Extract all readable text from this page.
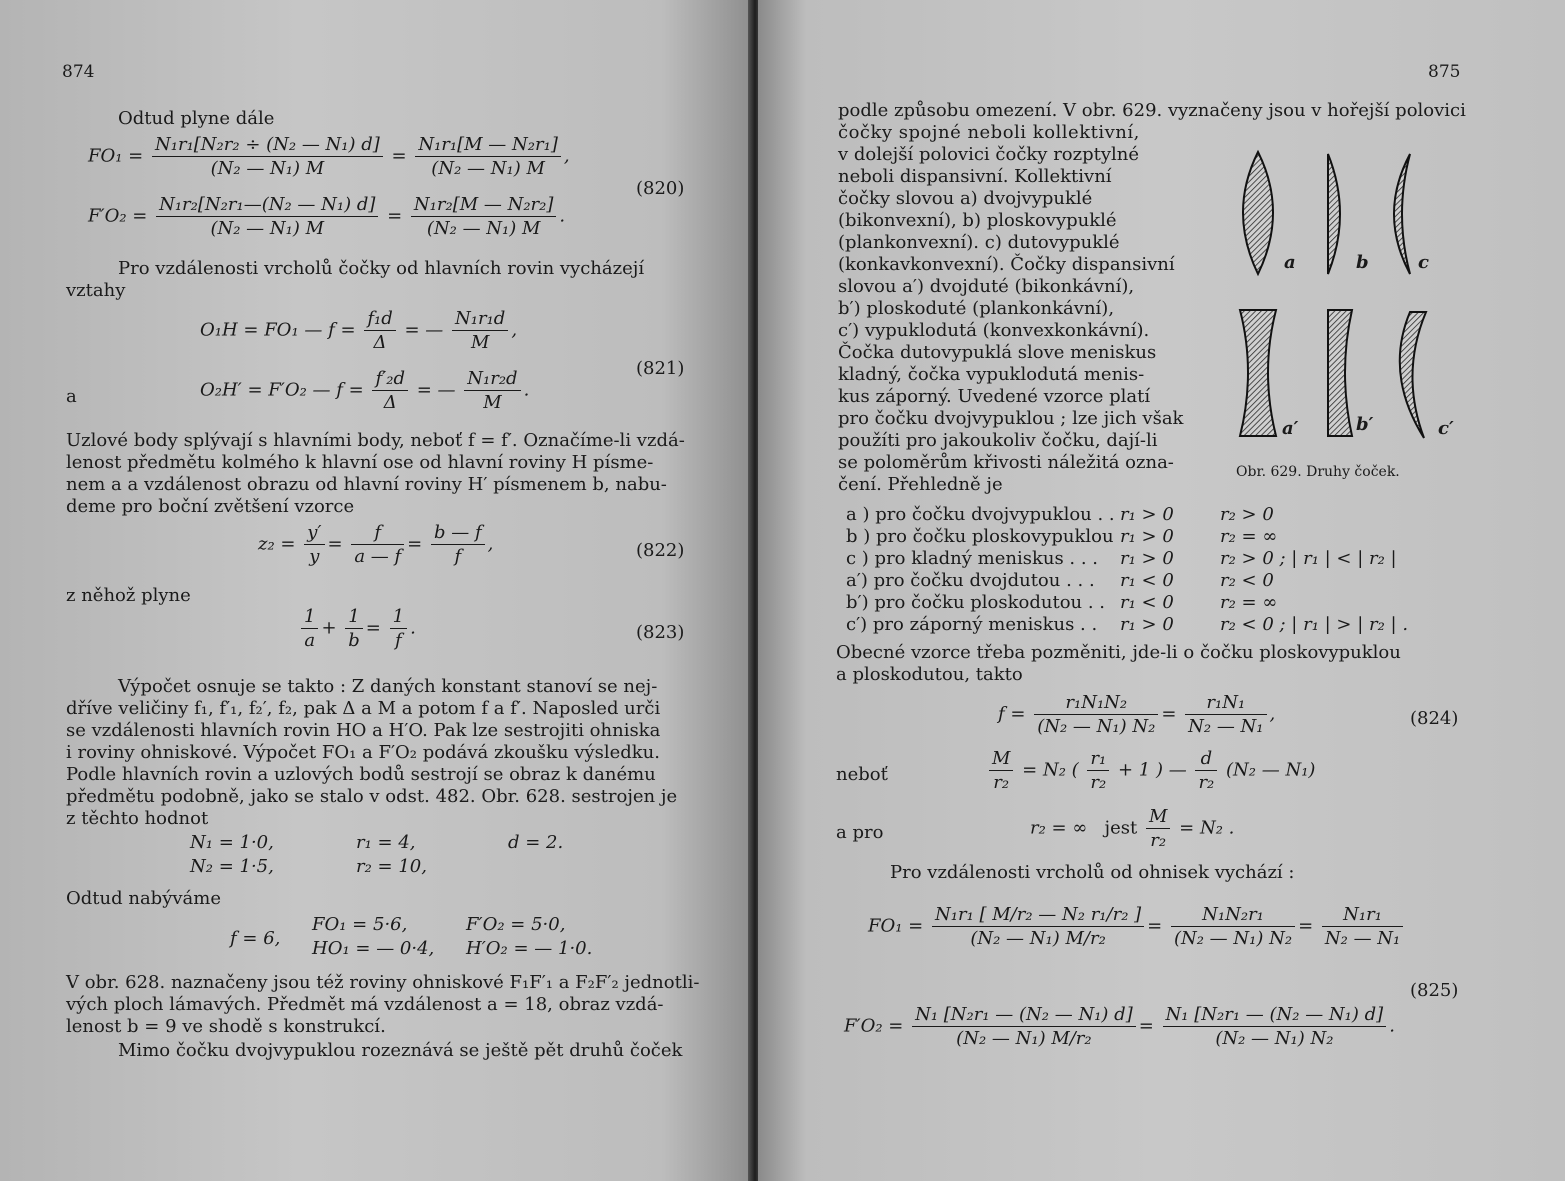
874
Odtud plyne dále
$FO_1 = \frac{\text{N₁r₁[N₂r₂ ÷ (N₂ — N₁) d]}}{\text{(N₂ — N₁) M}} = \frac{\text{N₁r₁[M — N₂r₁]}}{\text{(N₂ — N₁) M}}$ ,
$F'O_2 = \frac{\text{N₁r₂[N₂r₁—(N₂ — N₁) d]}}{\text{(N₂ — N₁) M}} = \frac{\text{N₁r₂[M — N₂r₂]}}{\text{(N₂ — N₁) M}}$ .
(820)
Pro vzdálenosti vrcholů čočky od hlavních rovin vycházejí
vztahy
O₁H = FO₁ — $f = \frac{\text{f₁d}}{\Delta}$ = — $\frac{\text{N₁r₁d}}{M}$ ,
a	O₂H′ = F′O₂ — $f = \frac{\text{f′₂d}}{\Delta}$ = — $\frac{\text{N₁r₂d}}{M}$ .
(821)
Uzlové body splývají s hlavními body, neboť f = f′. Označíme-li vzdá-
lenost předmětu kolmého k hlavní ose od hlavní roviny H písme-
nem a a vzdálenost obrazu od hlavní roviny H′ písmenem b, nabu-
deme pro boční zvětšení vzorce
$z_2 = \frac{y'}{y} = \frac{f}{a — f} = \frac{b — f}{f}$ ,	(822)
z něhož plyne
$\frac{1}{a} + \frac{1}{b} = \frac{1}{f}$ .	(823)
Výpočet osnuje se takto : Z daných konstant stanoví se nej-
dříve veličiny f₁, f′₁, f₂′, f₂, pak Δ a M a potom f a f′. Naposled urči
se vzdálenosti hlavních rovin HO a H′O. Pak lze sestrojiti ohniska
i roviny ohniskové. Výpočet FO₁ a F′O₂ podává zkoušku výsledku.
Podle hlavních rovin a uzlových bodů sestrojí se obraz k danému
předmětu podobně, jako se stalo v odst. 482. Obr. 628. sestrojen je
z těchto hodnot
N₁ = 1·0,	r₁ = 4,	d = 2.
N₂ = 1·5,	r₂ = 10,
Odtud nabýváme
f = 6,
FO₁ = 5·6,	F′O₂ = 5·0,
HO₁ = — 0·4, H′O₂ = — 1·0.
V obr. 628. naznačeny jsou též roviny ohniskové F₁F′₁ a F₂F′₂ jednotli-
vých ploch lámavých. Předmět má vzdálenost a = 18, obraz vzdá-
lenost b = 9 ve shodě s konstrukcí.
Mimo čočku dvojvypuklou rozeznává se ještě pět druhů čoček
875
podle způsobu omezení. V obr. 629. vyznačeny jsou v hořejší polovici
čočky spojné neboli kollektivní,
v dolejší polovici čočky rozptylné
neboli dispansivní. Kollektivní
čočky slovou a) dvojvypuklé
(bikonvexní), b) ploskovypuklé
(plankonvexní). c) dutovypuklé
(konkavkonvexní). Čočky dispansivní
slovou a′) dvojduté (bikonkávní),
b′) ploskoduté (plankonkávní),
c′) vypuklodutá (konvexkonkávní).
Čočka dutovypuklá slove meniskus
kladný, čočka vypuklodutá menis-
kus záporný. Uvedené vzorce platí
pro čočku dvojvypuklou ; lze jich však
použíti pro jakoukoliv čočku, dají-li
se poloměrům křivosti náležitá ozna-
čení. Přehledně je
a	b	c
a′	b′	c′
Obr. 629. Druhy čoček.
a ) pro čočku dvojvypuklou . . r₁ > 0	r₂ > 0
b ) pro čočku ploskovypuklou r₁ > 0	r₂ = ∞
c ) pro kladný meniskus . . . r₁ > 0	r₂ > 0 ; | r₁ | < | r₂ |
a′) pro čočku dvojdutou . . . r₁ < 0	r₂ < 0
b′) pro čočku ploskodutou . . r₁ < 0	r₂ = ∞
c′) pro záporný meniskus . . r₁ > 0	r₂ < 0 ; | r₁ | > | r₂ | .
Obecné vzorce třeba pozměniti, jde-li o čočku ploskovypuklou
a ploskodutou, takto
$f = \frac{\text{r₁N₁N₂}}{\text{(N₂ — N₁) N₂}} = \frac{\text{r₁N₁}}{\text{N₂ — N₁}}$ ,	(824)
neboť	$\frac{M}{\text{r₂}} = N_2$ ( $\frac{\text{r₁}}{\text{r₂}} + 1$ ) — $\frac{d}{\text{r₂}} (N_2$ — N₁)
a pro	r₂ = ∞ jest $\frac{M}{\text{r₂}} = N_2$ .
Pro vzdálenosti vrcholů od ohnisek vychází :
$FO_1 = \frac{\text{N₁r₁ [ M/r₂ — N₂ r₁/r₂ ]}}{\text{(N₂ — N₁) M/r₂}} = \frac{\text{N₁N₂r₁}}{\text{(N₂ — N₁) N₂}} = \frac{\text{N₁r₁}}{\text{N₂ — N₁}}$
(825)
$F'O_2 = \frac{\text{N₁ [N₂r₁ — (N₂ — N₁) d]}}{\text{(N₂ — N₁) M/r₂}} = \frac{\text{N₁ [N₂r₁ — (N₂ — N₁) d]}}{\text{(N₂ — N₁) N₂}}$ .
